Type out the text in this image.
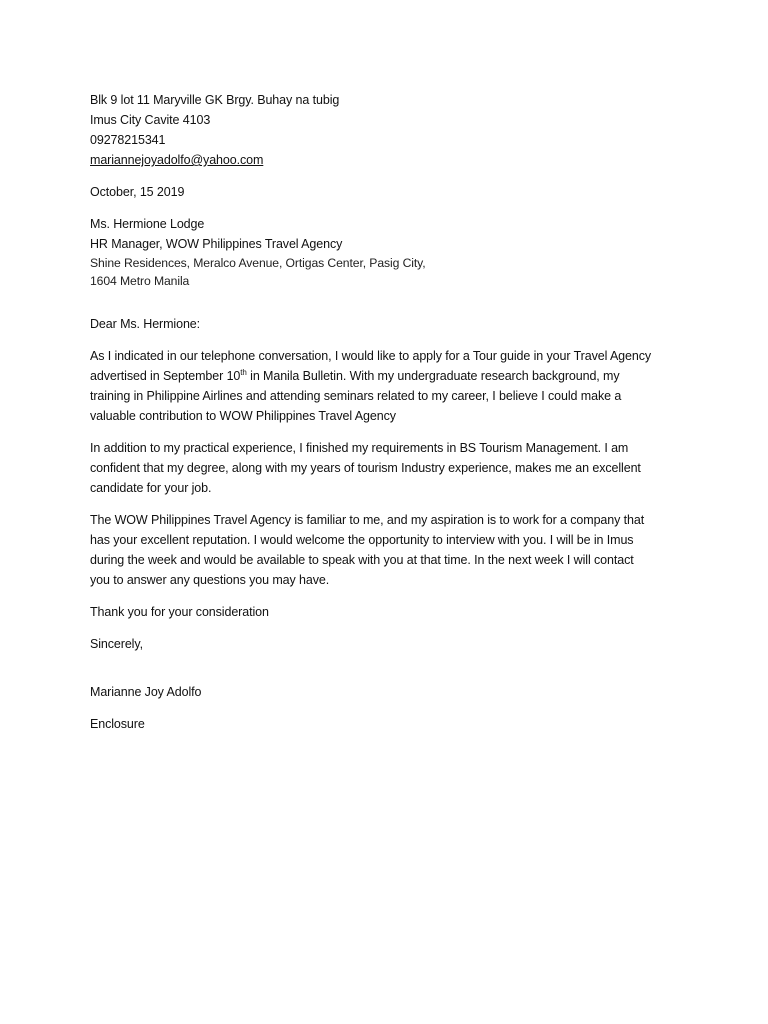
Blk 9 lot 11 Maryville GK Brgy. Buhay na tubig
Imus City Cavite 4103
09278215341
mariannejoyadolfo@yahoo.com
October, 15 2019
Ms. Hermione Lodge
HR Manager, WOW Philippines Travel Agency
Shine Residences, Meralco Avenue, Ortigas Center, Pasig City,
1604 Metro Manila
Dear Ms. Hermione:
As I indicated in our telephone conversation, I would like to apply for a Tour guide in your Travel Agency
advertised in September 10th in Manila Bulletin. With my undergraduate research background, my
training in Philippine Airlines and attending seminars related to my career, I believe I could make a
valuable contribution to WOW Philippines Travel Agency
In addition to my practical experience, I finished my requirements in BS Tourism Management. I am
confident that my degree, along with my years of tourism Industry experience, makes me an excellent
candidate for your job.
The WOW Philippines Travel Agency is familiar to me, and my aspiration is to work for a company that
has your excellent reputation. I would welcome the opportunity to interview with you. I will be in Imus
during the week and would be available to speak with you at that time. In the next week I will contact
you to answer any questions you may have.
Thank you for your consideration
Sincerely,
Marianne Joy Adolfo
Enclosure
